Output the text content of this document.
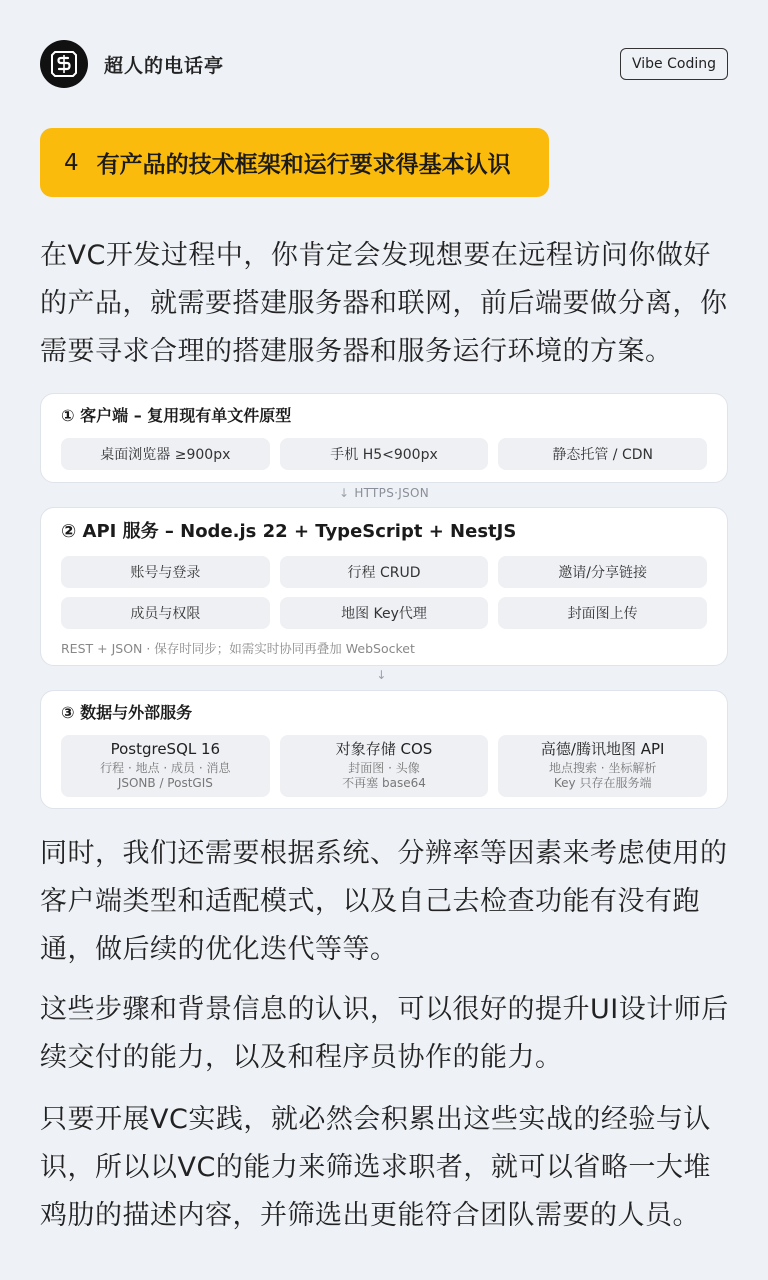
超人的电话亭	Vibe Coding
4 有产品的技术框架和运行要求得基本认识

在VC开发过程中，你肯定会发现想要在远程访问你做好的产品，就需要搭建服务器和联网，前后端要做分离，你需要寻求合理的搭建服务器和服务运行环境的方案。

① 客户端 – 复用现有单文件原型
桌面浏览器 ≥900px	手机 H5<900px	静态托管 / CDN
↓ HTTPS·JSON
② API 服务 – Node.js 22 + TypeScript + NestJS
账号与登录	行程 CRUD	邀请/分享链接
成员与权限	地图 Key代理	封面图上传
REST + JSON · 保存时同步；如需实时协同再叠加 WebSocket
↓
③ 数据与外部服务
PostgreSQL 16
行程 · 地点 · 成员 · 消息
JSONB / PostGIS
对象存储 COS
封面图 · 头像
不再塞 base64
高德/腾讯地图 API
地点搜索 · 坐标解析
Key 只存在服务端

同时，我们还需要根据系统、分辨率等因素来考虑使用的客户端类型和适配模式，以及自己去检查功能有没有跑通，做后续的优化迭代等等。

这些步骤和背景信息的认识，可以很好的提升UI设计师后续交付的能力，以及和程序员协作的能力。

只要开展VC实践，就必然会积累出这些实战的经验与认识，所以以VC的能力来筛选求职者，就可以省略一大堆鸡肋的描述内容，并筛选出更能符合团队需要的人员。
